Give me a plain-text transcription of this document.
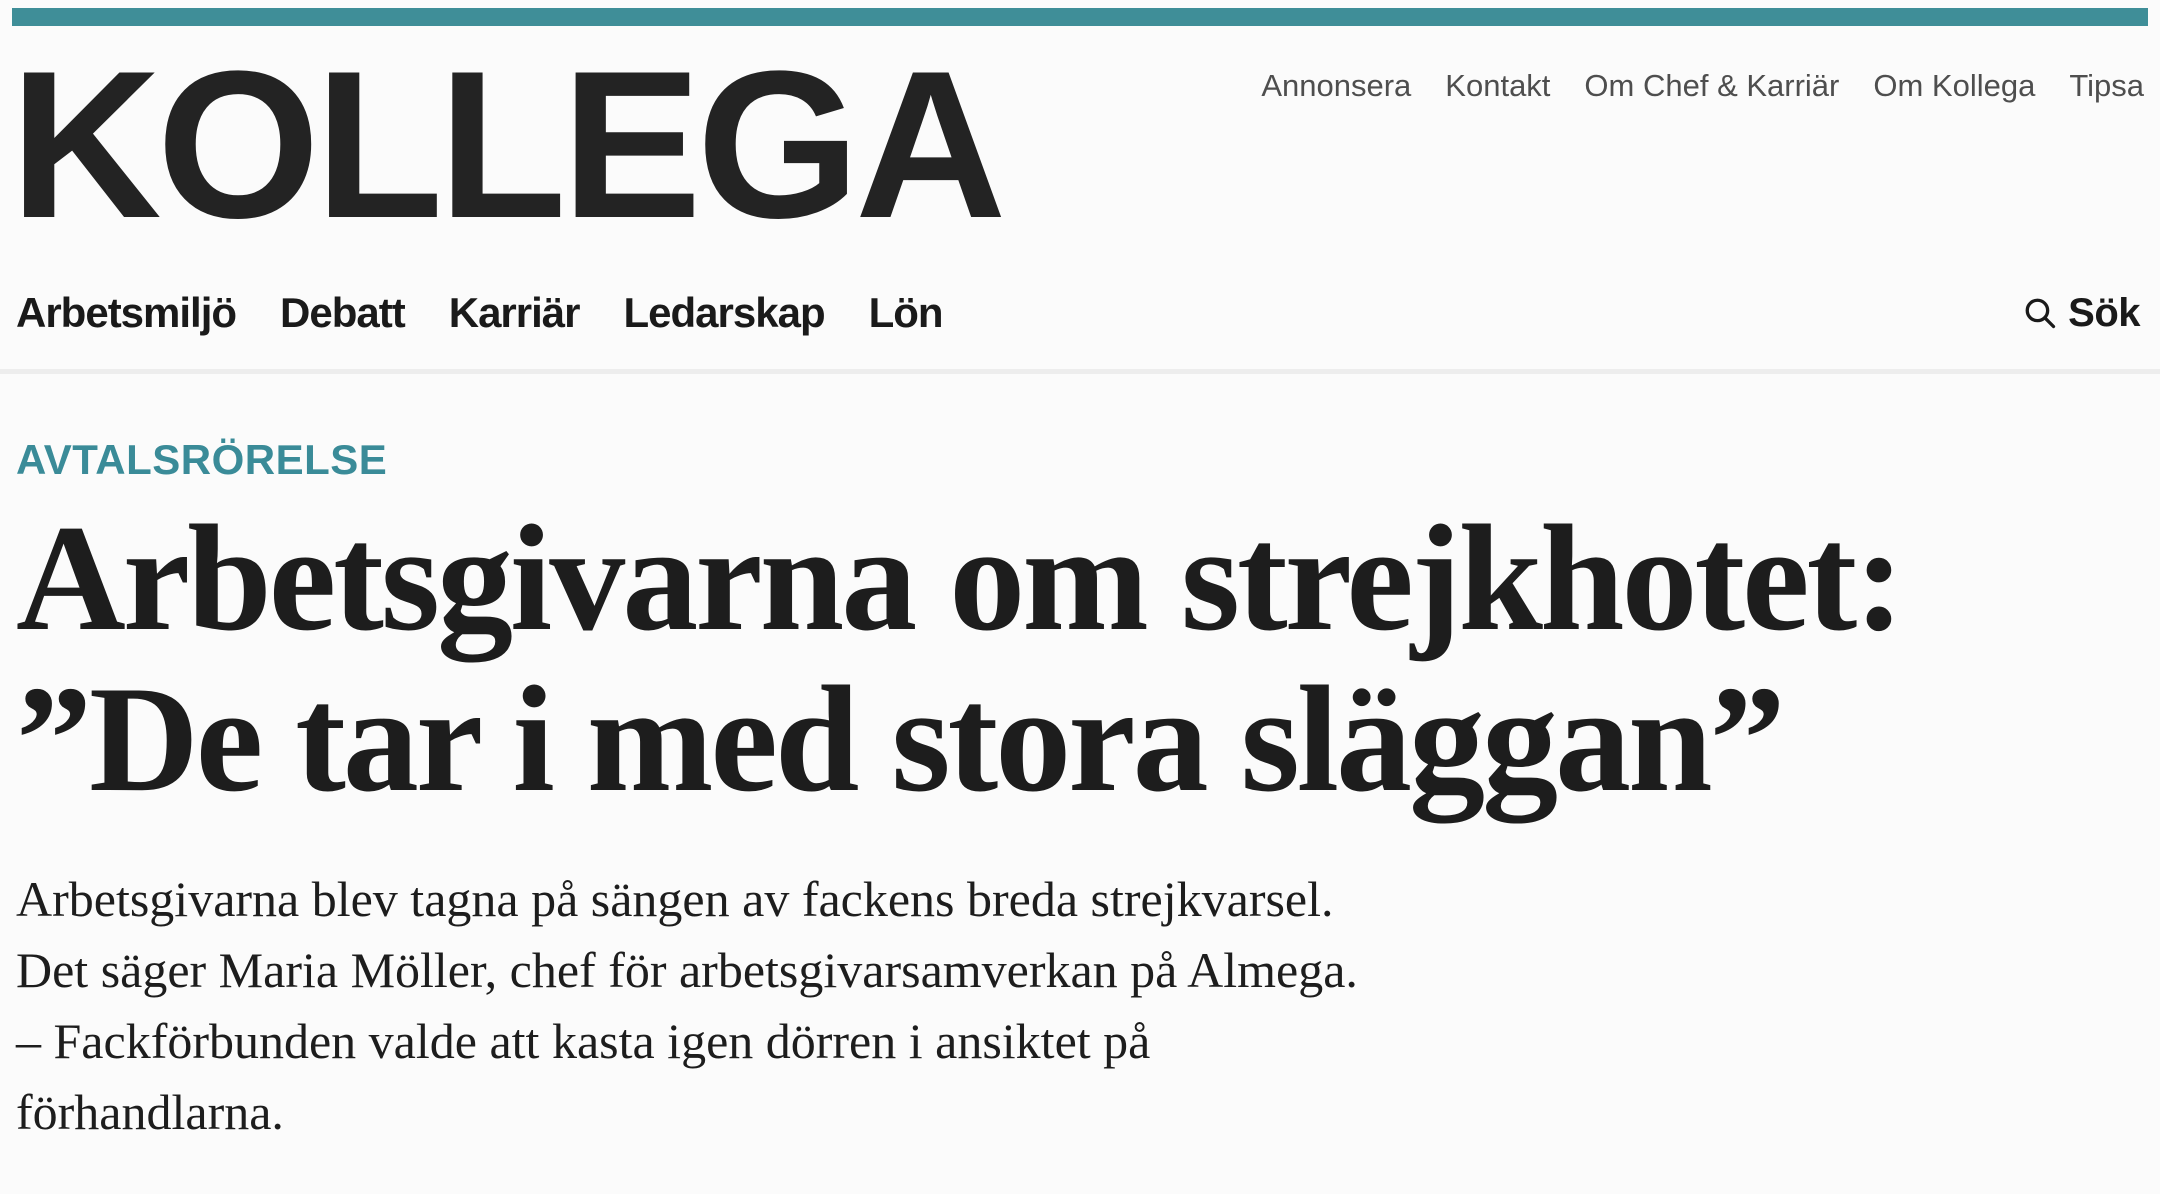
Annonsera Kontakt Om Chef & Karriär Om Kollega Tipsa
KOLLEGA
Arbetsmiljö Debatt Karriär Ledarskap Lön	Sök
AVTALSRÖRELSE
Arbetsgivarna om strejkhotet:
”De tar i med stora släggan”
Arbetsgivarna blev tagna på sängen av fackens breda strejkvarsel.
Det säger Maria Möller, chef för arbetsgivarsamverkan på Almega.
– Fackförbunden valde att kasta igen dörren i ansiktet på
förhandlarna.
